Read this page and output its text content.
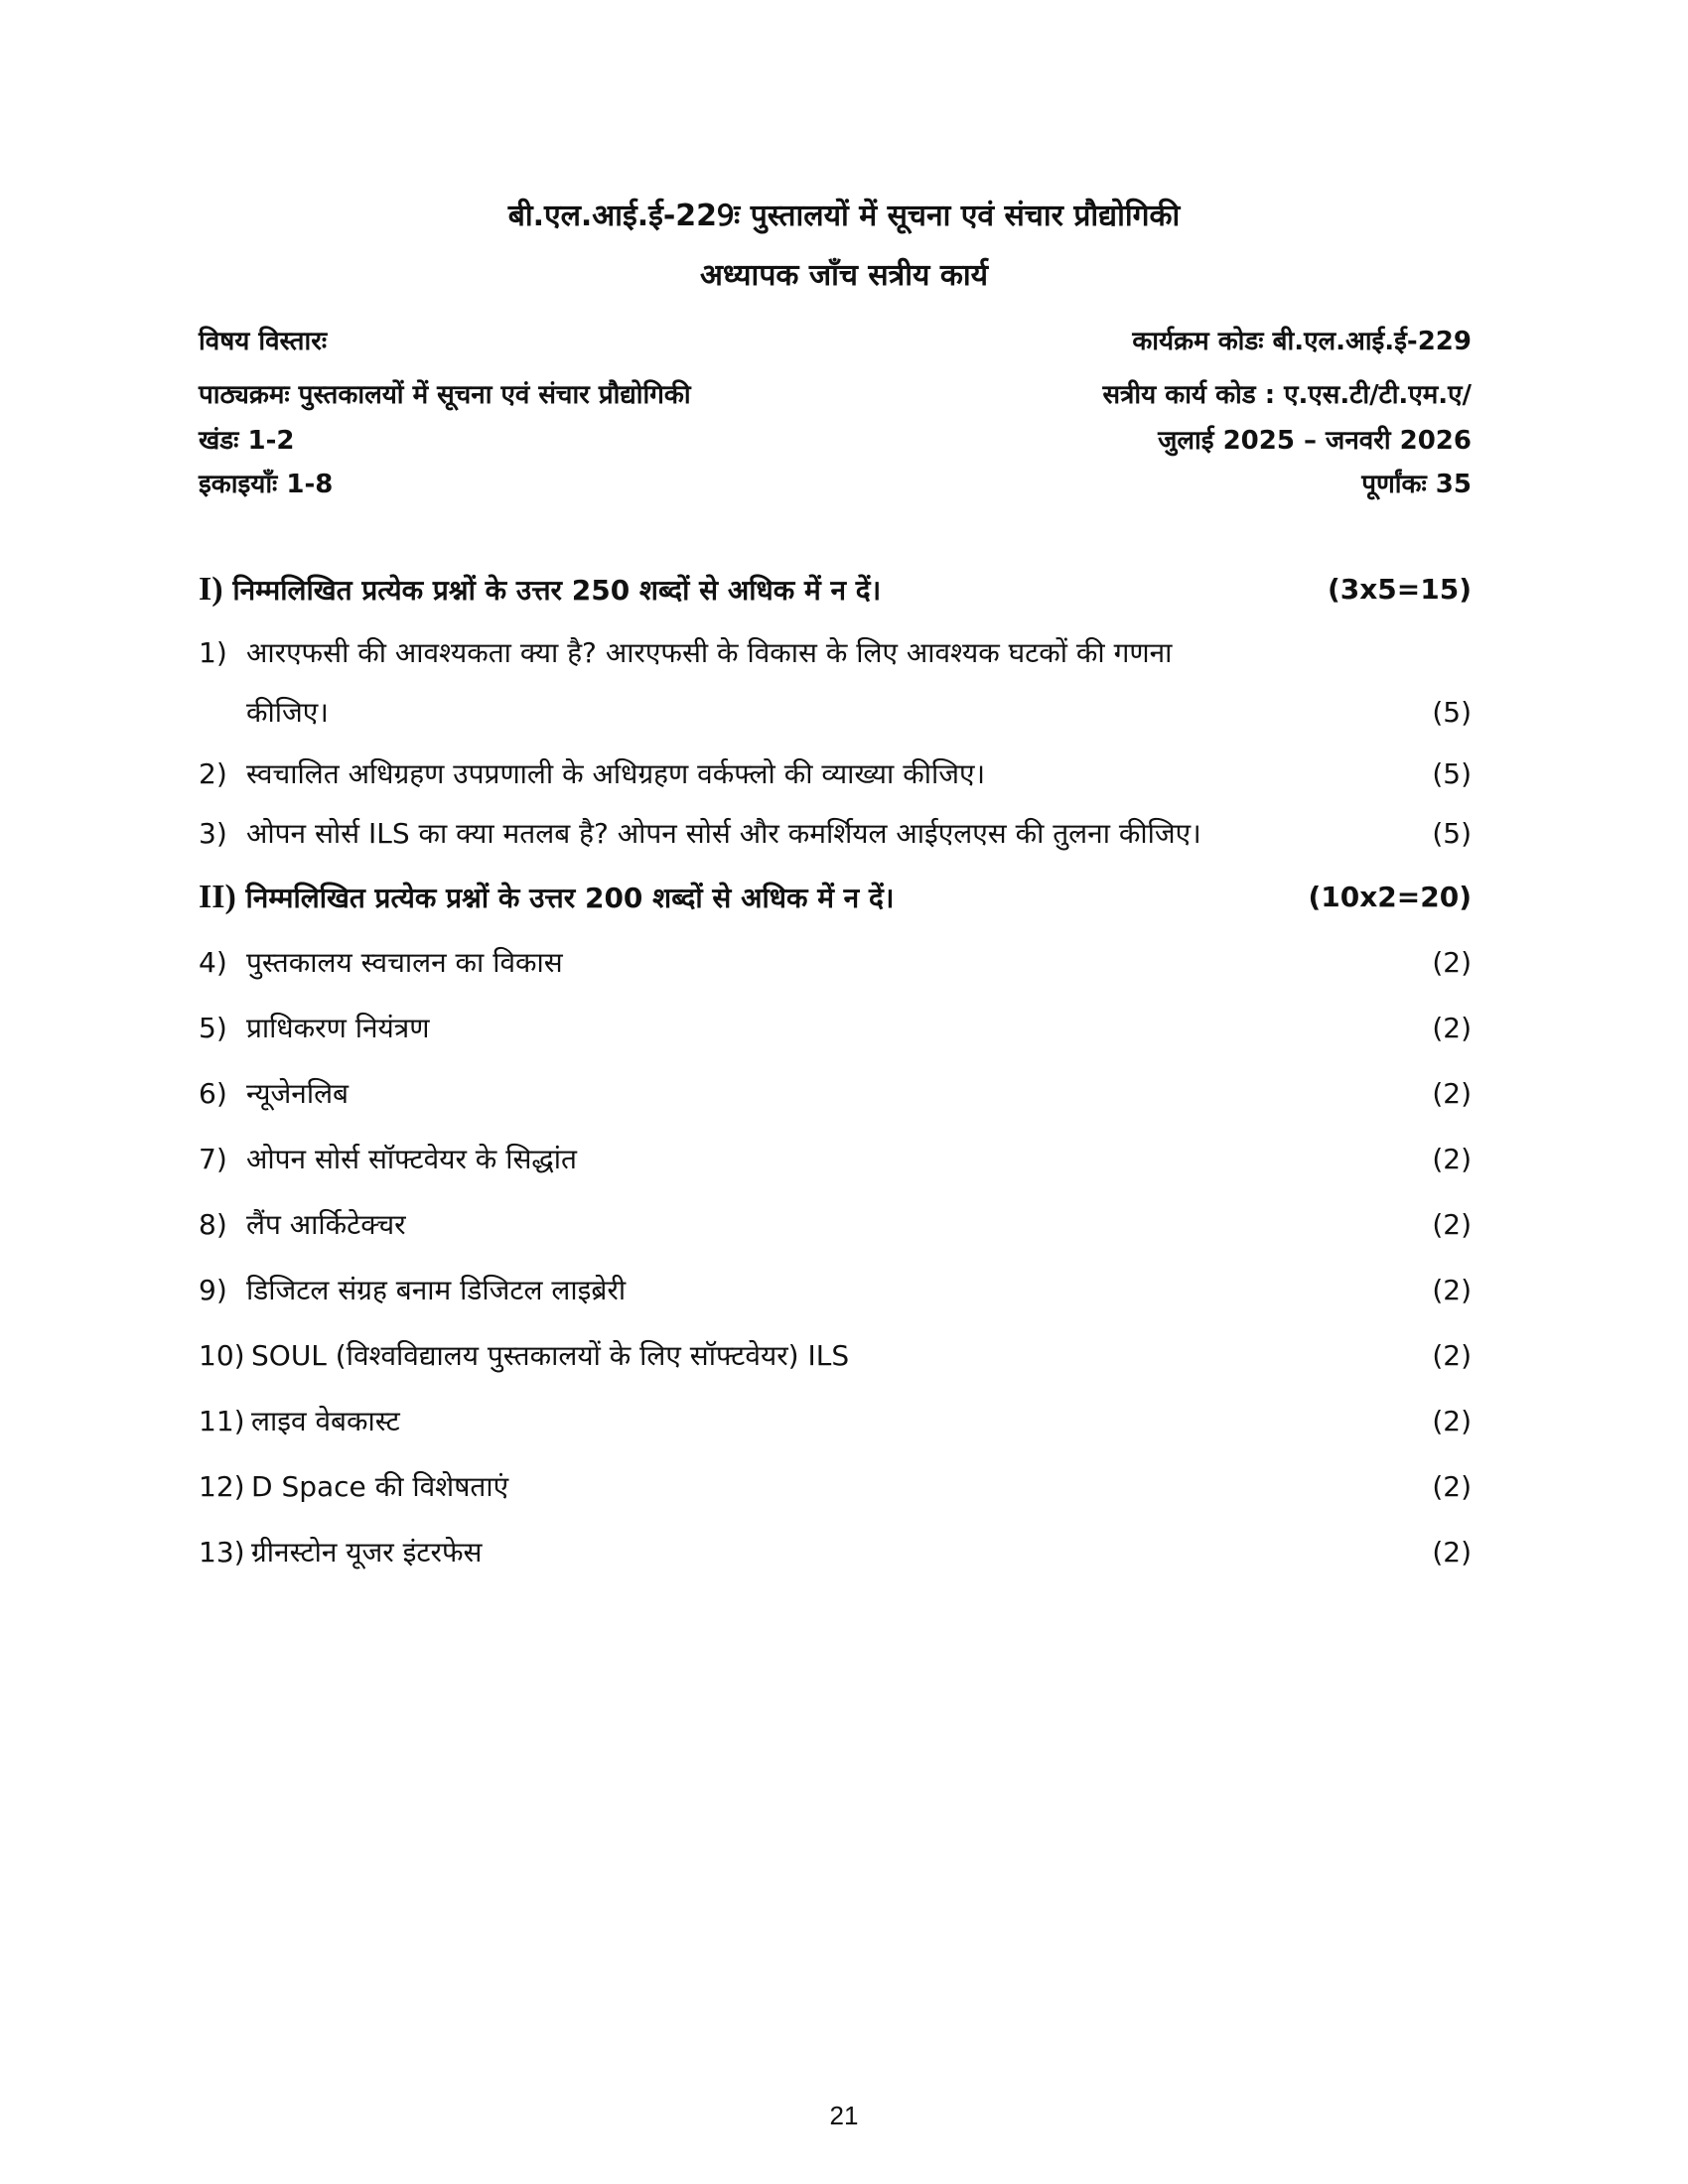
बी.एल.आई.ई-229ः पुस्तालयों में सूचना एवं संचार प्रौद्योगिकी
अध्यापक जाँच सत्रीय कार्य
विषय विस्तारः	कार्यक्रम कोडः बी.एल.आई.ई-229
पाठ्यक्रमः पुस्तकालयों में सूचना एवं संचार प्रौद्योगिकी	सत्रीय कार्य कोड : ए.एस.टी/टी.एम.ए/
खंडः 1-2	जुलाई 2025 – जनवरी 2026
इकाइयाँः 1-8	पूर्णांकः 35
I) निम्मलिखित प्रत्येक प्रश्नों के उत्तर 250 शब्दों से अधिक में न दें।	(3x5=15)
1) आरएफसी की आवश्यकता क्या है? आरएफसी के विकास के लिए आवश्यक घटकों की गणना
कीजिए।	(5)
2) स्वचालित अधिग्रहण उपप्रणाली के अधिग्रहण वर्कफ्लो की व्याख्या कीजिए।	(5)
3) ओपन सोर्स ILS का क्या मतलब है? ओपन सोर्स और कमर्शियल आईएलएस की तुलना कीजिए।	(5)
II) निम्मलिखित प्रत्येक प्रश्नों के उत्तर 200 शब्दों से अधिक में न दें।	(10x2=20)
4) पुस्तकालय स्वचालन का विकास	(2)
5) प्राधिकरण नियंत्रण	(2)
6) न्यूजेनलिब	(2)
7) ओपन सोर्स सॉफ्टवेयर के सिद्धांत	(2)
8) लैंप आर्किटेक्चर	(2)
9) डिजिटल संग्रह बनाम डिजिटल लाइब्रेरी	(2)
10) SOUL (विश्वविद्यालय पुस्तकालयों के लिए सॉफ्टवेयर) ILS	(2)
11) लाइव वेबकास्ट	(2)
12) D Space की विशेषताएं	(2)
13) ग्रीनस्टोन यूजर इंटरफेस	(2)
21
